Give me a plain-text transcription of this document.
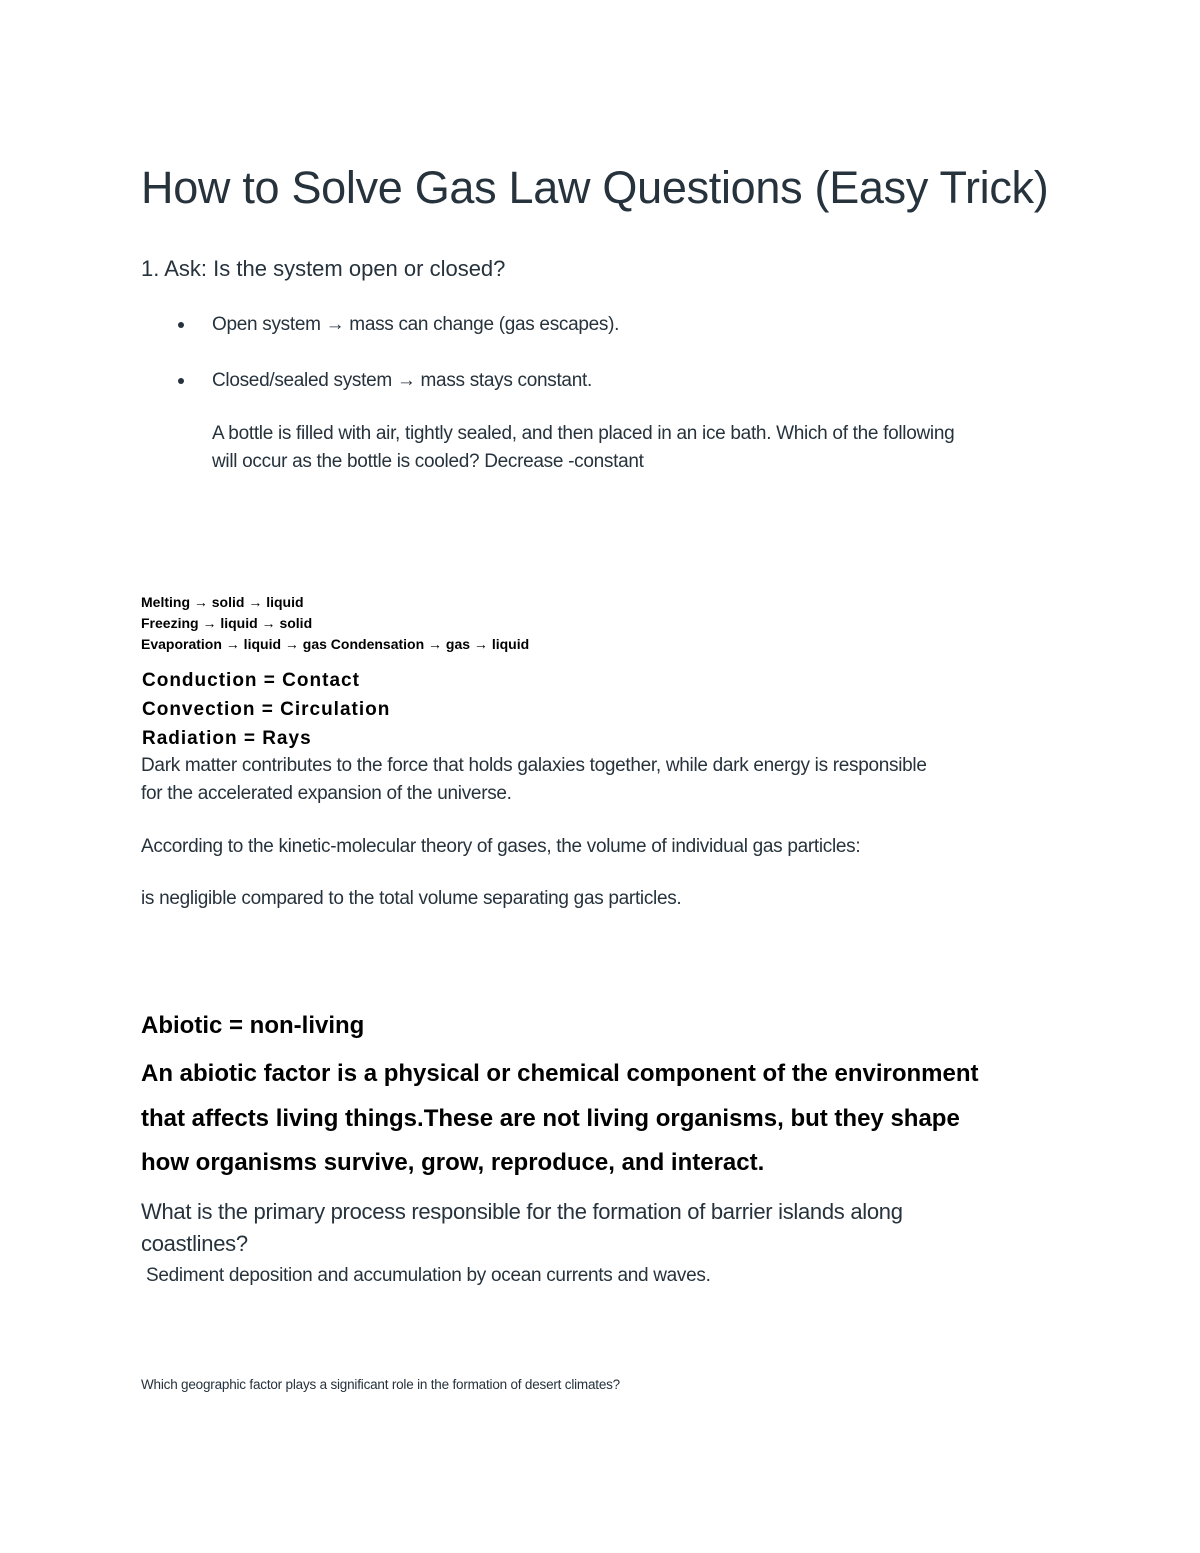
How to Solve Gas Law Questions (Easy Trick)
1. Ask: Is the system open or closed?
Open system → mass can change (gas escapes).
Closed/sealed system → mass stays constant.
A bottle is filled with air, tightly sealed, and then placed in an ice bath. Which of the following
will occur as the bottle is cooled? Decrease -constant
Melting → solid → liquid
Freezing → liquid → solid
Evaporation → liquid → gas Condensation → gas → liquid
Conduction = Contact
Convection = Circulation
Radiation = Rays
Dark matter contributes to the force that holds galaxies together, while dark energy is responsible
for the accelerated expansion of the universe.
According to the kinetic-molecular theory of gases, the volume of individual gas particles:
is negligible compared to the total volume separating gas particles.
Abiotic = non-living
An abiotic factor is a physical or chemical component of the environment
that affects living things.These are not living organisms, but they shape
how organisms survive, grow, reproduce, and interact.
What is the primary process responsible for the formation of barrier islands along
coastlines?
Sediment deposition and accumulation by ocean currents and waves.
Which geographic factor plays a significant role in the formation of desert climates?
